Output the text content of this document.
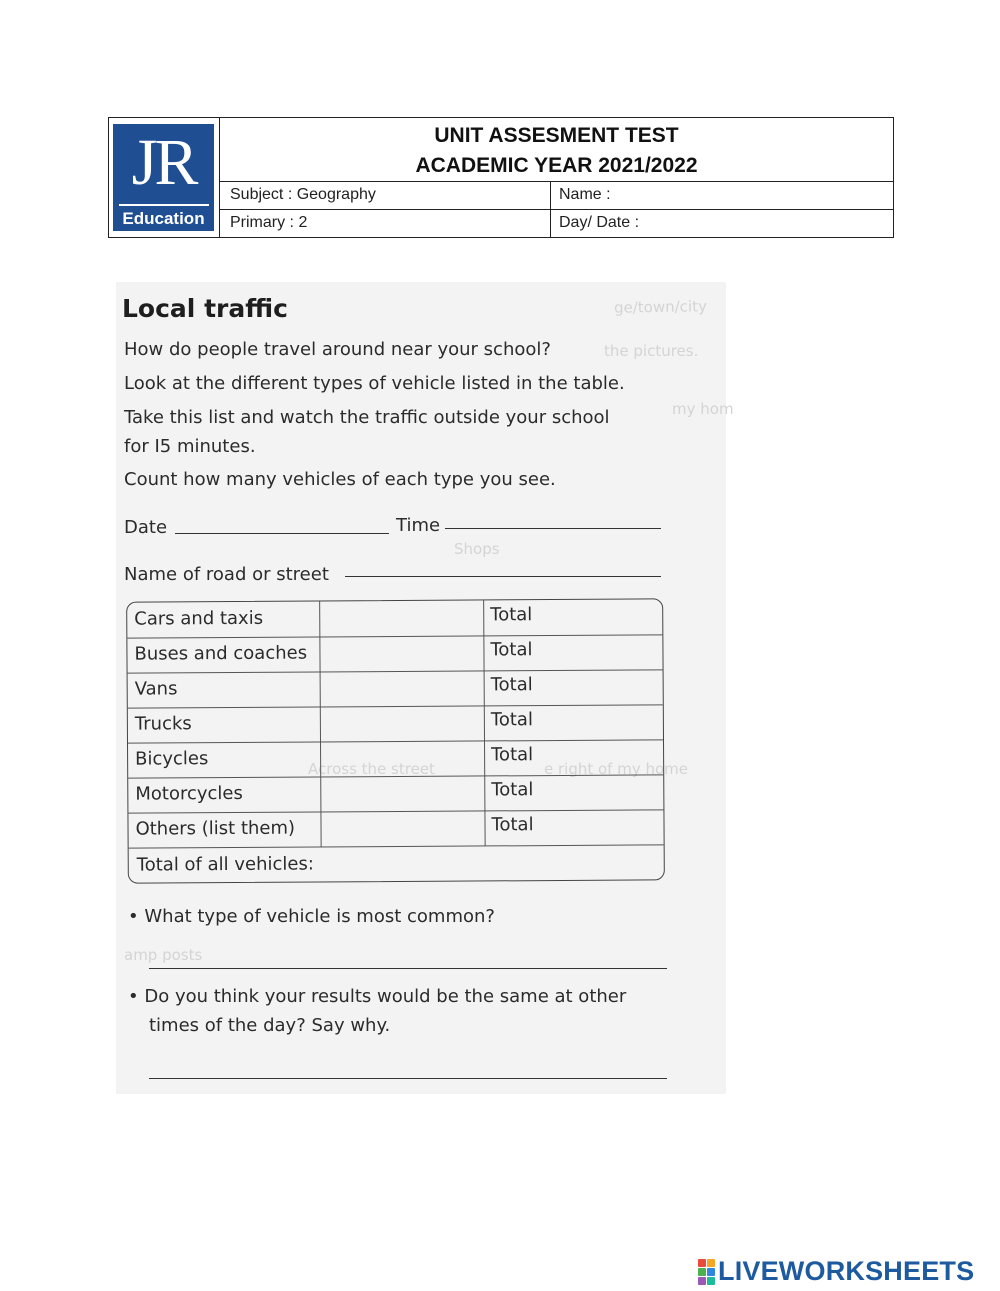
JR
Education
UNIT ASSESMENT TEST
ACADEMIC YEAR 2021/2022
Subject : Geography	Name :
Primary : 2	Day/ Date :
ge/town/city
the pictures.
my hom
Shops
e right of my home
Across the street
amp posts
Local traffic
How do people travel around near your school?
Look at the different types of vehicle listed in the table.
Take this list and watch the traffic outside your school
for I5 minutes.
Count how many vehicles of each type you see.
Date	Time
Name of road or street
Cars and taxis	Total
Buses and coaches	Total
Vans	Total
Trucks	Total
Bicycles	Total
Motorcycles	Total
Others (list them)	Total
Total of all vehicles:
• What type of vehicle is most common?
• Do you think your results would be the same at other
times of the day? Say why.
LIVEWORKSHEETS
